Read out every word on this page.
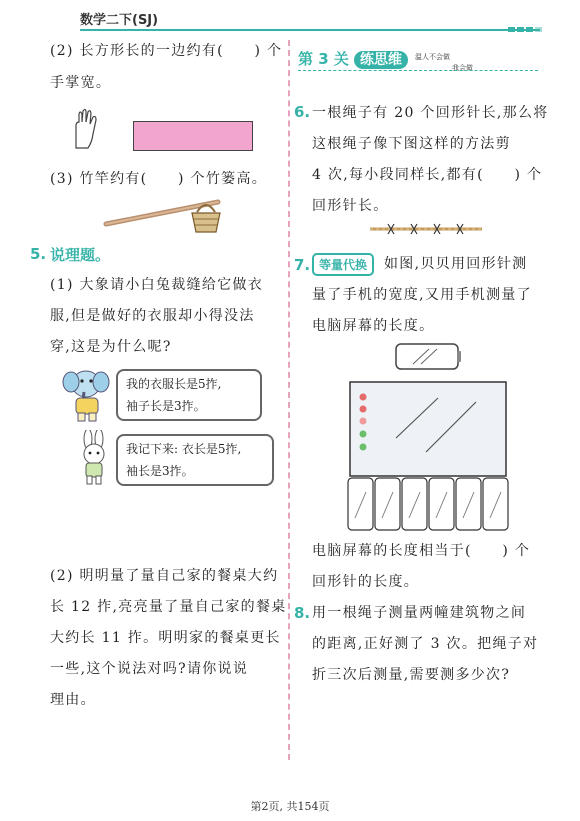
数学二下(SJ)
(2) 长方形长的一边约有(　　) 个
手掌宽。
(3) 竹竿约有(　　) 个竹篓高。
5. 说理题。
(1) 大象请小白兔裁缝给它做衣
服,但是做好的衣服却小得没法
穿,这是为什么呢?
我的衣服长是5拃,
袖子长是3拃。
我记下来: 衣长是5拃,
袖长是3拃。
(2) 明明量了量自己家的餐桌大约
长 12 拃,亮亮量了量自己家的餐桌
大约长 11 拃。明明家的餐桌更长
一些,这个说法对吗?请你说说
理由。
第 3 关 练思维	温人不会做
我会做
6. 一根绳子有 20 个回形针长,那么将
这根绳子像下图这样的方法剪
4 次,每小段同样长,都有(　　) 个
回形针长。
7. 等量代换	如图,贝贝用回形针测
量了手机的宽度,又用手机测量了
电脑屏幕的长度。
电脑屏幕的长度相当于(　　) 个
回形针的长度。
8. 用一根绳子测量两幢建筑物之间
的距离,正好测了 3 次。把绳子对
折三次后测量,需要测多少次?
第2页, 共154页
